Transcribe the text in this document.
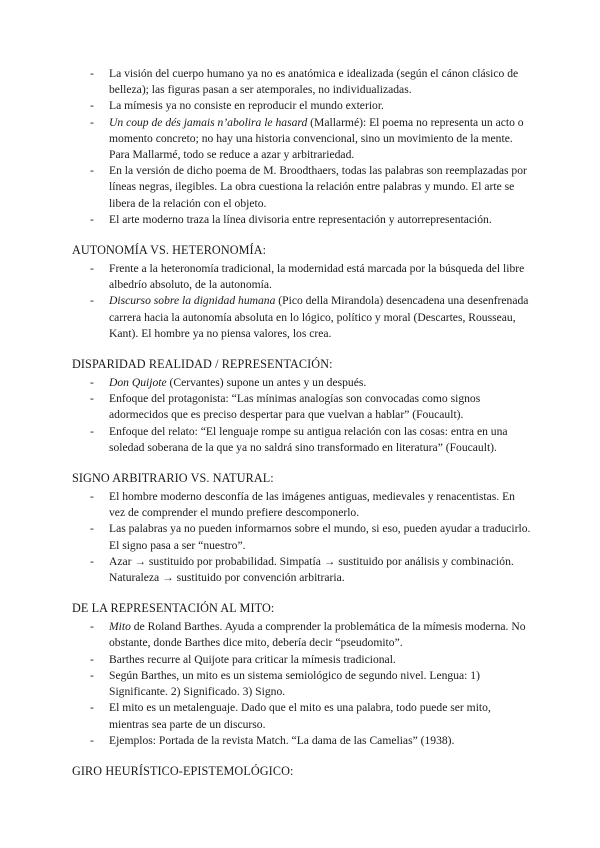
- La visión del cuerpo humano ya no es anatómica e idealizada (según el cánon clásico de belleza); las figuras pasan a ser atemporales, no individualizadas.
- La mímesis ya no consiste en reproducir el mundo exterior.
- Un coup de dés jamais n’abolira le hasard (Mallarmé): El poema no representa un acto o momento concreto; no hay una historia convencional, sino un movimiento de la mente. Para Mallarmé, todo se reduce a azar y arbitrariedad.
- En la versión de dicho poema de M. Broodthaers, todas las palabras son reemplazadas por líneas negras, ilegibles. La obra cuestiona la relación entre palabras y mundo. El arte se libera de la relación con el objeto.
- El arte moderno traza la línea divisoria entre representación y autorrepresentación.
AUTONOMÍA VS. HETERONOMÍA:
- Frente a la heteronomía tradicional, la modernidad está marcada por la búsqueda del libre albedrío absoluto, de la autonomía.
- Discurso sobre la dignidad humana (Pico della Mirandola) desencadena una desenfrenada carrera hacia la autonomía absoluta en lo lógico, político y moral (Descartes, Rousseau, Kant). El hombre ya no piensa valores, los crea.
DISPARIDAD REALIDAD / REPRESENTACIÓN:
- Don Quijote (Cervantes) supone un antes y un después.
- Enfoque del protagonista: “Las mínimas analogías son convocadas como signos adormecidos que es preciso despertar para que vuelvan a hablar” (Foucault).
- Enfoque del relato: “El lenguaje rompe su antigua relación con las cosas: entra en una soledad soberana de la que ya no saldrá sino transformado en literatura” (Foucault).
SIGNO ARBITRARIO VS. NATURAL:
- El hombre moderno desconfía de las imágenes antiguas, medievales y renacentistas. En vez de comprender el mundo prefiere descomponerlo.
- Las palabras ya no pueden informarnos sobre el mundo, si eso, pueden ayudar a traducirlo. El signo pasa a ser “nuestro”.
- Azar → sustituido por probabilidad. Simpatía → sustituido por análisis y combinación. Naturaleza → sustituido por convención arbitraria.
DE LA REPRESENTACIÓN AL MITO:
- Mito de Roland Barthes. Ayuda a comprender la problemática de la mímesis moderna. No obstante, donde Barthes dice mito, debería decir “pseudomito”.
- Barthes recurre al Quijote para criticar la mímesis tradicional.
- Según Barthes, un mito es un sistema semiológico de segundo nivel. Lengua: 1) Significante. 2) Significado. 3) Signo.
- El mito es un metalenguaje. Dado que el mito es una palabra, todo puede ser mito, mientras sea parte de un discurso.
- Ejemplos: Portada de la revista Match. “La dama de las Camelias” (1938).
GIRO HEURÍSTICO-EPISTEMOLÓGICO:
